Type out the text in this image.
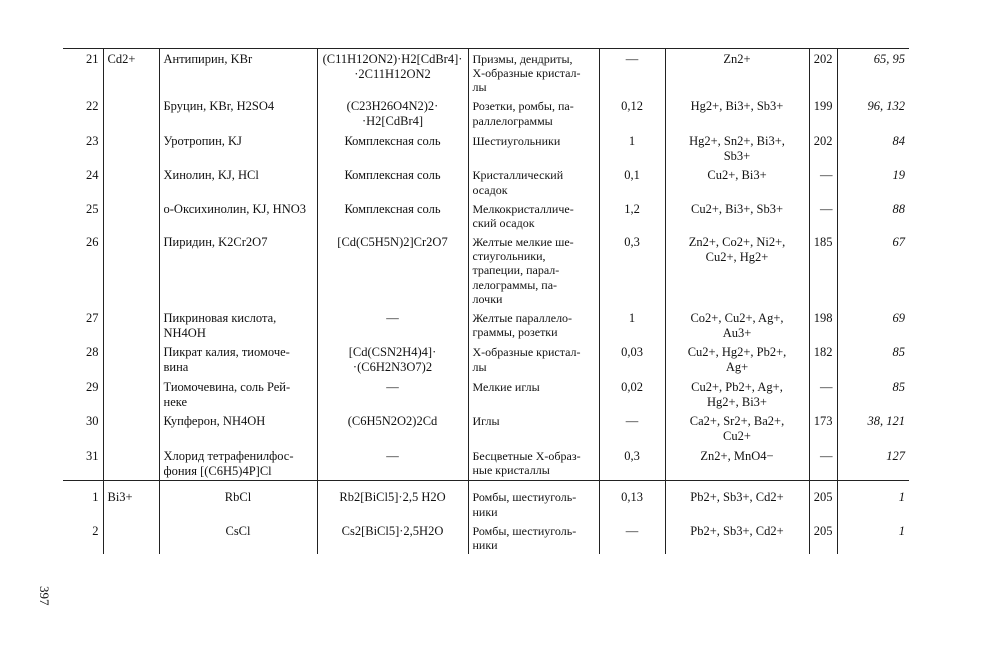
21	Cd2+	Антипирин, KBr	(C11H12ON2)·H2[CdBr4]·
·2C11H12ON2	Призмы, дендриты,
X-образные кристал-
лы	—	Zn2+	202	65, 95
22		Бруцин, KBr, H2SO4	(C23H26O4N2)2·
·H2[CdBr4]	Розетки, ромбы, па-
раллелограммы	0,12	Hg2+, Bi3+, Sb3+	199	96, 132
23		Уротропин, KJ	Комплексная соль	Шестиугольники	1	Hg2+, Sn2+, Bi3+,
Sb3+	202	84
24		Хинолин, KJ, HCl	Комплексная соль	Кристаллический
осадок	0,1	Cu2+, Bi3+	—	19
25		о-Оксихинолин, KJ, HNO3	Комплексная соль	Мелкокристалличе-
ский осадок	1,2	Cu2+, Bi3+, Sb3+	—	88
26		Пиридин, K2Cr2O7	[Cd(C5H5N)2]Cr2O7	Желтые мелкие ше-
стиугольники,
трапеции, парал-
лелограммы, па-
лочки	0,3	Zn2+, Co2+, Ni2+,
Cu2+, Hg2+	185	67
27		Пикриновая кислота,
NH4OH	—	Желтые параллело-
граммы, розетки	1	Co2+, Cu2+, Ag+,
Au3+	198	69
28		Пикрат калия, тиомоче-
вина	[Cd(CSN2H4)4]·
·(C6H2N3O7)2	X-образные кристал-
лы	0,03	Cu2+, Hg2+, Pb2+,
Ag+	182	85
29		Тиомочевина, соль Рей-
неке	—	Мелкие иглы	0,02	Cu2+, Pb2+, Ag+,
Hg2+, Bi3+	—	85
30		Купферон, NH4OH	(C6H5N2O2)2Cd	Иглы	—	Ca2+, Sr2+, Ba2+,
Cu2+	173	38, 121
31		Хлорид тетрафенилфос-
фония [(C6H5)4P]Cl	—	Бесцветные X-образ-
ные кристаллы	0,3	Zn2+, MnO4−	—	127

1	Bi3+	RbCl	Rb2[BiCl5]·2,5 H2O	Ромбы, шестиуголь-
ники	0,13	Pb2+, Sb3+, Cd2+	205	1
2		CsCl	Cs2[BiCl5]·2,5H2O	Ромбы, шестиуголь-
ники	—	Pb2+, Sb3+, Cd2+	205	1
397
